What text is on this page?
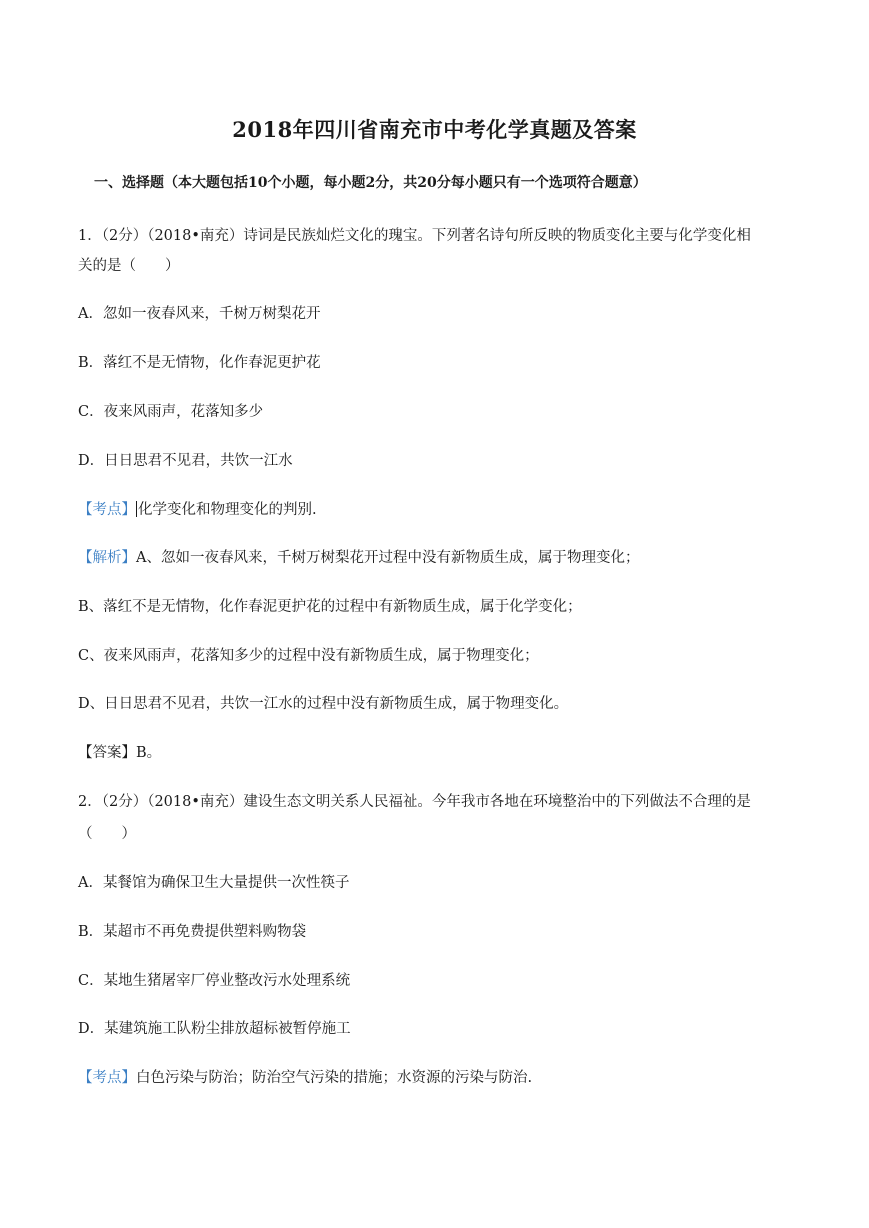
2018年四川省南充市中考化学真题及答案
一、选择题（本大题包括10个小题，每小题2分，共20分每小题只有一个选项符合题意）
1．（2分）（2018•南充）诗词是民族灿烂文化的瑰宝。下列著名诗句所反映的物质变化主要与化学变化相
关的是（　　）
A．忽如一夜春风来，千树万树梨花开
B．落红不是无情物，化作春泥更护花
C．夜来风雨声，花落知多少
D．日日思君不见君，共饮一江水
【考点】 化学变化和物理变化的判别.
【解析】A、忽如一夜春风来，千树万树梨花开过程中没有新物质生成，属于物理变化；
B、落红不是无情物，化作春泥更护花的过程中有新物质生成，属于化学变化；
C、夜来风雨声，花落知多少的过程中没有新物质生成，属于物理变化；
D、日日思君不见君，共饮一江水的过程中没有新物质生成，属于物理变化。
【答案】B。
2．（2分）（2018•南充）建设生态文明关系人民福祉。今年我市各地在环境整治中的下列做法不合理的是
（　　）
A．某餐馆为确保卫生大量提供一次性筷子
B．某超市不再免费提供塑料购物袋
C．某地生猪屠宰厂停业整改污水处理系统
D．某建筑施工队粉尘排放超标被暂停施工
【考点】白色污染与防治；防治空气污染的措施；水资源的污染与防治.
